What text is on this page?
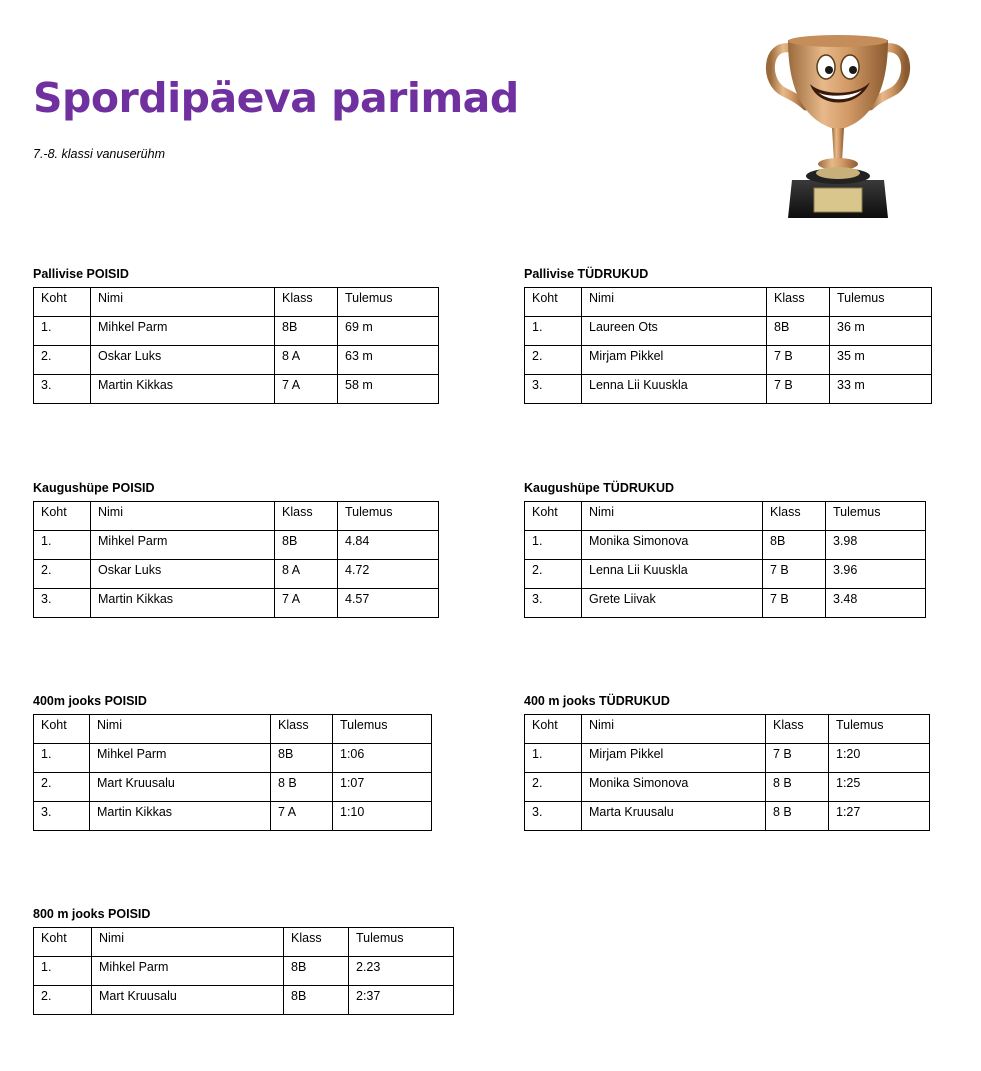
Spordipäeva parimad

7.-8. klassi vanuserühm

Pallivise POISID
Koht	Nimi	Klass	Tulemus
1.	Mihkel Parm	8B	69 m
2.	Oskar Luks	8 A	63 m
3.	Martin Kikkas	7 A	58 m
Pallivise TÜDRUKUD
Koht	Nimi	Klass	Tulemus
1.	Laureen Ots	8B	36 m
2.	Mirjam Pikkel	7 B	35 m
3.	Lenna Lii Kuuskla	7 B	33 m
Kaugushüpe POISID
Koht	Nimi	Klass	Tulemus
1.	Mihkel Parm	8B	4.84
2.	Oskar Luks	8 A	4.72
3.	Martin Kikkas	7 A	4.57
Kaugushüpe TÜDRUKUD
Koht	Nimi	Klass	Tulemus
1.	Monika Simonova	8B	3.98
2.	Lenna Lii Kuuskla	7 B	3.96
3.	Grete Liivak	7 B	3.48
400m jooks POISID
Koht	Nimi	Klass	Tulemus
1.	Mihkel Parm	8B	1:06
2.	Mart Kruusalu	8 B	1:07
3.	Martin Kikkas	7 A	1:10
400 m jooks TÜDRUKUD
Koht	Nimi	Klass	Tulemus
1.	Mirjam Pikkel	7 B	1:20
2.	Monika Simonova	8 B	1:25
3.	Marta Kruusalu	8 B	1:27
800 m jooks POISID
Koht	Nimi	Klass	Tulemus
1.	Mihkel Parm	8B	2.23
2.	Mart Kruusalu	8B	2:37
